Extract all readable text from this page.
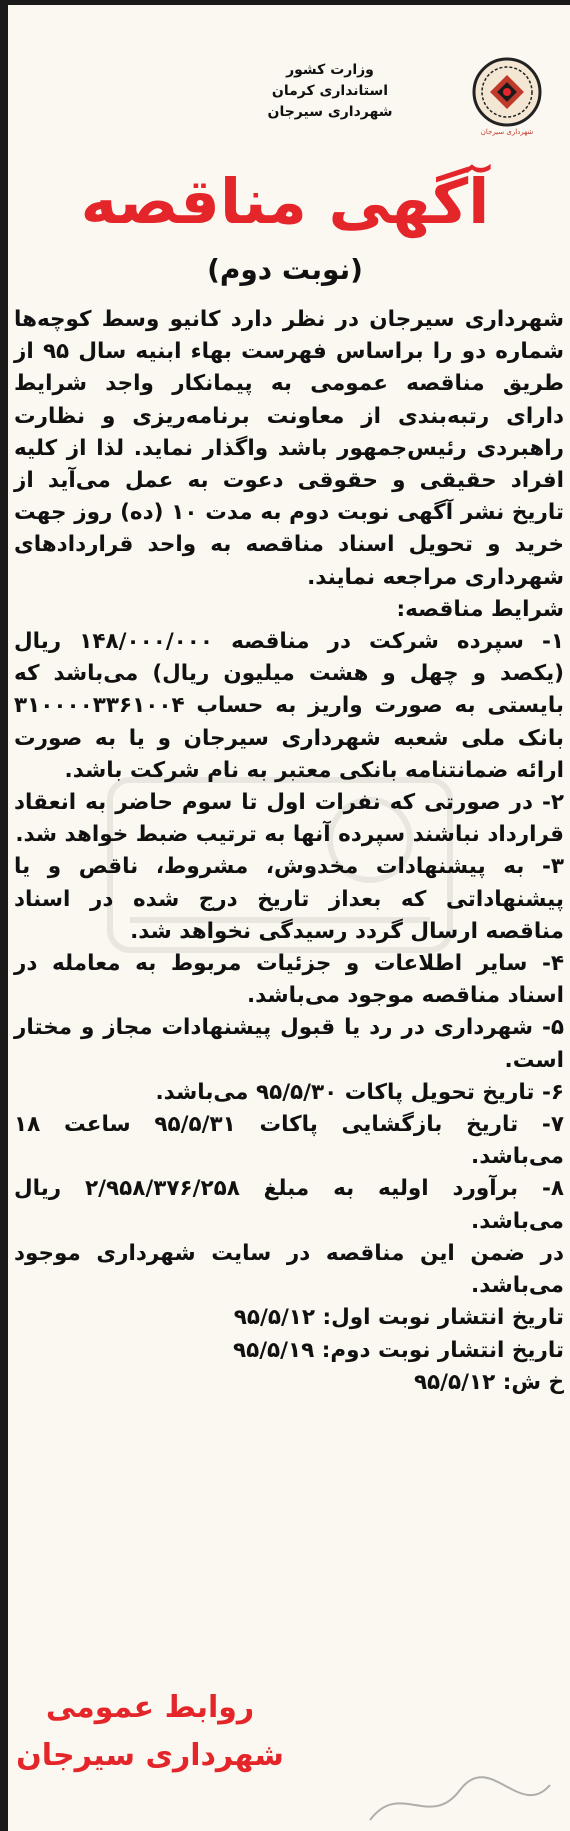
شهرداری سیرجان
وزارت کشور
استانداری کرمان
شهرداری سیرجان
آگهی مناقصه
(نوبت دوم)

شهرداری سیرجان در نظر دارد کانیو وسط کوچه‌ها شماره دو را براساس فهرست بهاء ابنیه سال ۹۵ از طریق مناقصه عمومی به پیمانکار واجد شرایط دارای رتبه‌بندی از معاونت برنامه‌ریزی و نظارت راهبردی رئیس‌جمهور باشد واگذار نماید. لذا از کلیه افراد حقیقی و حقوقی دعوت به عمل می‌آید از تاریخ نشر آگهی نوبت دوم به مدت ۱۰ (ده) روز جهت خرید و تحویل اسناد مناقصه به واحد قراردادهای شهرداری مراجعه نمایند.

شرایط مناقصه:

۱- سپرده شرکت در مناقصه ۱۴۸/۰۰۰/۰۰۰ ریال (یکصد و چهل و هشت میلیون ریال) می‌باشد که بایستی به صورت واریز به حساب ۳۱۰۰۰۰۳۳۶۱۰۰۴ بانک ملی شعبه شهرداری سیرجان و یا به صورت ارائه ضمانتنامه بانکی معتبر به نام شرکت باشد.

۲- در صورتی که نفرات اول تا سوم حاضر به انعقاد قرارداد نباشند سپرده آنها به ترتیب ضبط خواهد شد.

۳- به پیشنهادات مخدوش، مشروط، ناقص و یا پیشنهاداتی که بعداز تاریخ درج شده در اسناد مناقصه ارسال گردد رسیدگی نخواهد شد.

۴- سایر اطلاعات و جزئیات مربوط به معامله در اسناد مناقصه موجود می‌باشد.

۵- شهرداری در رد یا قبول پیشنهادات مجاز و مختار است.

۶- تاریخ تحویل پاکات ۹۵/۵/۳۰ می‌باشد.

۷- تاریخ بازگشایی پاکات ۹۵/۵/۳۱ ساعت ۱۸ می‌باشد.

۸- برآورد اولیه به مبلغ ۲/۹۵۸/۳۷۶/۲۵۸ ریال می‌باشد.

در ضمن این مناقصه در سایت شهرداری موجود می‌باشد.

تاریخ انتشار نوبت اول: ۹۵/۵/۱۲

تاریخ انتشار نوبت دوم: ۹۵/۵/۱۹

خ ش: ۹۵/۵/۱۲

روابط عمومی
شهرداری سیرجان
